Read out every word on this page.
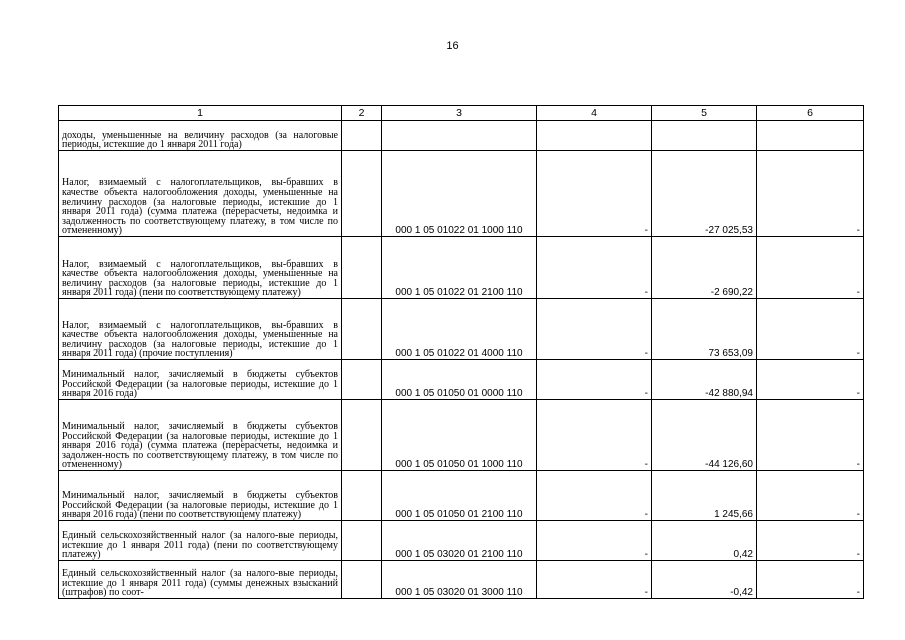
16
1	2	3	4	5	6
доходы, уменьшенные на величину расходов (за налоговые периоды, истекшие до 1 января 2011 года)					
Налог, взимаемый с налогоплательщиков, вы-бравших в качестве объекта налогообложения доходы, уменьшенные на величину расходов (за налоговые периоды, истекшие до 1 января 2011 года) (сумма платежа (перерасчеты, недоимка и задолженность по соответствующему платежу, в том числе по отмененному)		000 1 05 01022 01 1000 110	-	-27 025,53	-
Налог, взимаемый с налогоплательщиков, вы-бравших в качестве объекта налогообложения доходы, уменьшенные на величину расходов (за налоговые периоды, истекшие до 1 января 2011 года) (пени по соответствующему платежу)		000 1 05 01022 01 2100 110	-	-2 690,22	-
Налог, взимаемый с налогоплательщиков, вы-бравших в качестве объекта налогообложения доходы, уменьшенные на величину расходов (за налоговые периоды, истекшие до 1 января 2011 года) (прочие поступления)		000 1 05 01022 01 4000 110	-	73 653,09	-
Минимальный налог, зачисляемый в бюджеты субъектов Российской Федерации (за налоговые периоды, истекшие до 1 января 2016 года)		000 1 05 01050 01 0000 110	-	-42 880,94	-
Минимальный налог, зачисляемый в бюджеты субъектов Российской Федерации (за налоговые периоды, истекшие до 1 января 2016 года) (сумма платежа (перерасчеты, недоимка и задолжен-ность по соответствующему платежу, в том числе по отмененному)		000 1 05 01050 01 1000 110	-	-44 126,60	-
Минимальный налог, зачисляемый в бюджеты субъектов Российской Федерации (за налоговые периоды, истекшие до 1 января 2016 года) (пени по соответствующему платежу)		000 1 05 01050 01 2100 110	-	1 245,66	-
Единый сельскохозяйственный налог (за налого-вые периоды, истекшие до 1 января 2011 года) (пени по соответствующему платежу)		000 1 05 03020 01 2100 110	-	0,42	-
Единый сельскохозяйственный налог (за налого-вые периоды, истекшие до 1 января 2011 года) (суммы денежных взысканий (штрафов) по соот-		000 1 05 03020 01 3000 110	-	-0,42	-
